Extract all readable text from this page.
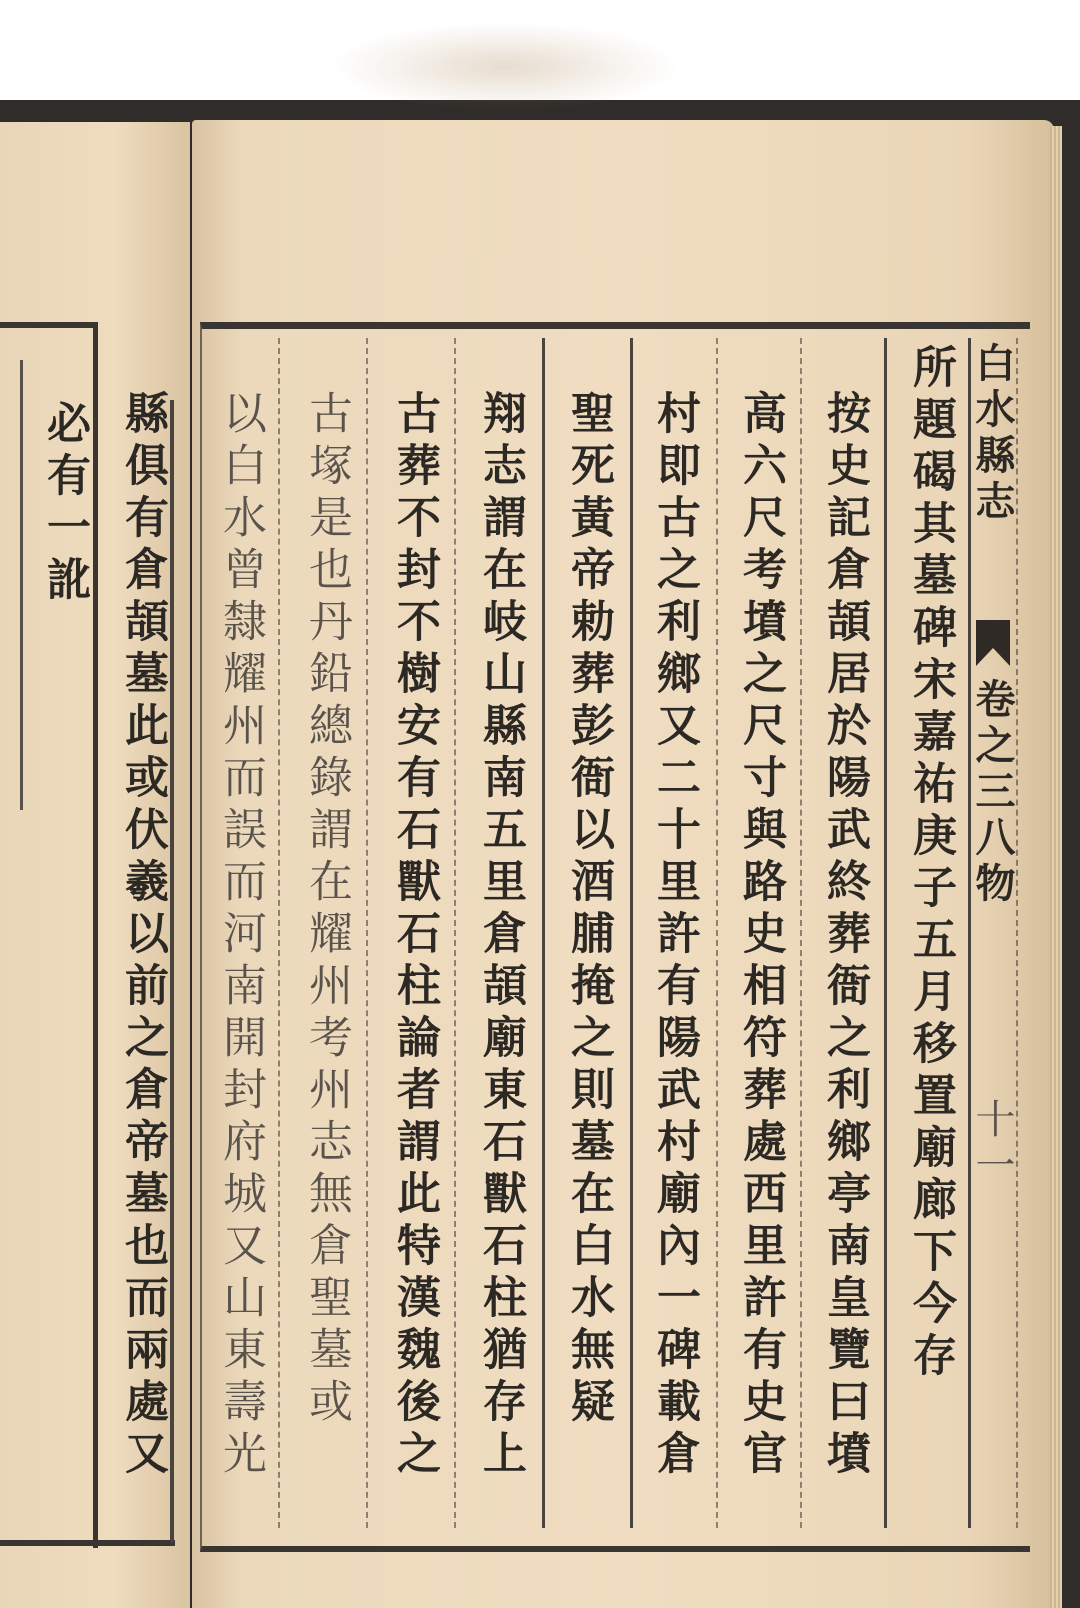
白水縣志
卷之三八物
十一
所題碣其墓碑宋嘉祐庚子五月移置廟廊下今存
按史記倉頡居於陽武終葬衙之利鄉亭南皇覽曰墳
高六尺考墳之尺寸與路史相符葬處西里許有史官
村即古之利鄉又二十里許有陽武村廟內一碑載倉
聖死黃帝勅葬彭衙以酒脯掩之則墓在白水無疑
翔志謂在岐山縣南五里倉頡廟東石獸石柱猶存上
古葬不封不樹安有石獸石柱論者謂此特漢魏後之
古塚是也丹鉛總錄謂在耀州考州志無倉聖墓或
以白水曾隸耀州而誤而河南開封府城又山東壽光
縣俱有倉頡墓此或伏羲以前之倉帝墓也而兩處又
必有一訛
